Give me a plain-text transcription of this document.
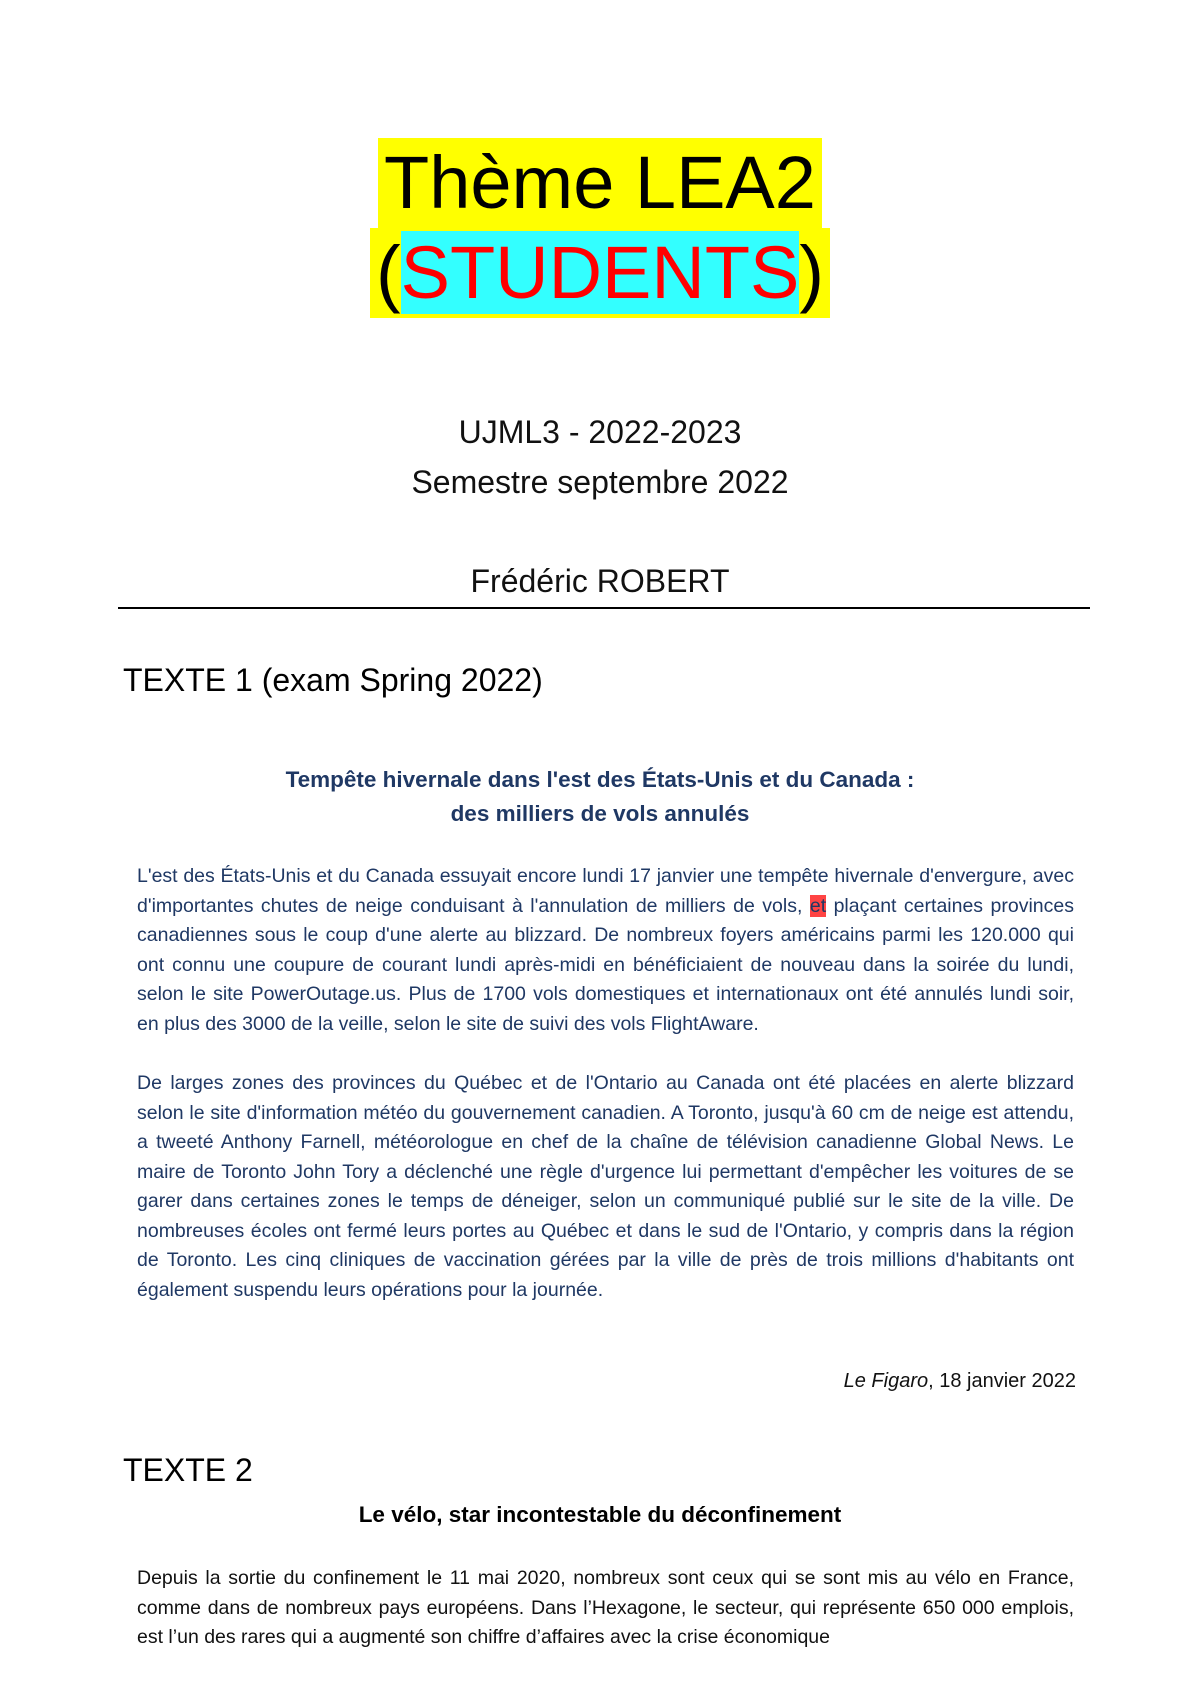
Thème LEA2
(STUDENTS)
UJML3 - 2022-2023
Semestre septembre 2022
Frédéric ROBERT
TEXTE 1 (exam Spring 2022)
Tempête hivernale dans l'est des États-Unis et du Canada :
des milliers de vols annulés
L'est des États-Unis et du Canada essuyait encore lundi 17 janvier une tempête hivernale d'envergure, avec d'importantes chutes de neige conduisant à l'annulation de milliers de vols, et plaçant certaines provinces canadiennes sous le coup d'une alerte au blizzard. De nombreux foyers américains parmi les 120.000 qui ont connu une coupure de courant lundi après-midi en bénéficiaient de nouveau dans la soirée du lundi, selon le site PowerOutage.us. Plus de 1700 vols domestiques et internationaux ont été annulés lundi soir, en plus des 3000 de la veille, selon le site de suivi des vols FlightAware.
De larges zones des provinces du Québec et de l'Ontario au Canada ont été placées en alerte blizzard selon le site d'information météo du gouvernement canadien. A Toronto, jusqu'à 60 cm de neige est attendu, a tweeté Anthony Farnell, météorologue en chef de la chaîne de télévision canadienne Global News. Le maire de Toronto John Tory a déclenché une règle d'urgence lui permettant d'empêcher les voitures de se garer dans certaines zones le temps de déneiger, selon un communiqué publié sur le site de la ville. De nombreuses écoles ont fermé leurs portes au Québec et dans le sud de l'Ontario, y compris dans la région de Toronto. Les cinq cliniques de vaccination gérées par la ville de près de trois millions d'habitants ont également suspendu leurs opérations pour la journée.
Le Figaro, 18 janvier 2022
TEXTE 2
Le vélo, star incontestable du déconfinement
Depuis la sortie du confinement le 11 mai 2020, nombreux sont ceux qui se sont mis au vélo en France, comme dans de nombreux pays européens. Dans l’Hexagone, le secteur, qui représente 650 000 emplois, est l’un des rares qui a augmenté son chiffre d’affaires avec la crise économique
